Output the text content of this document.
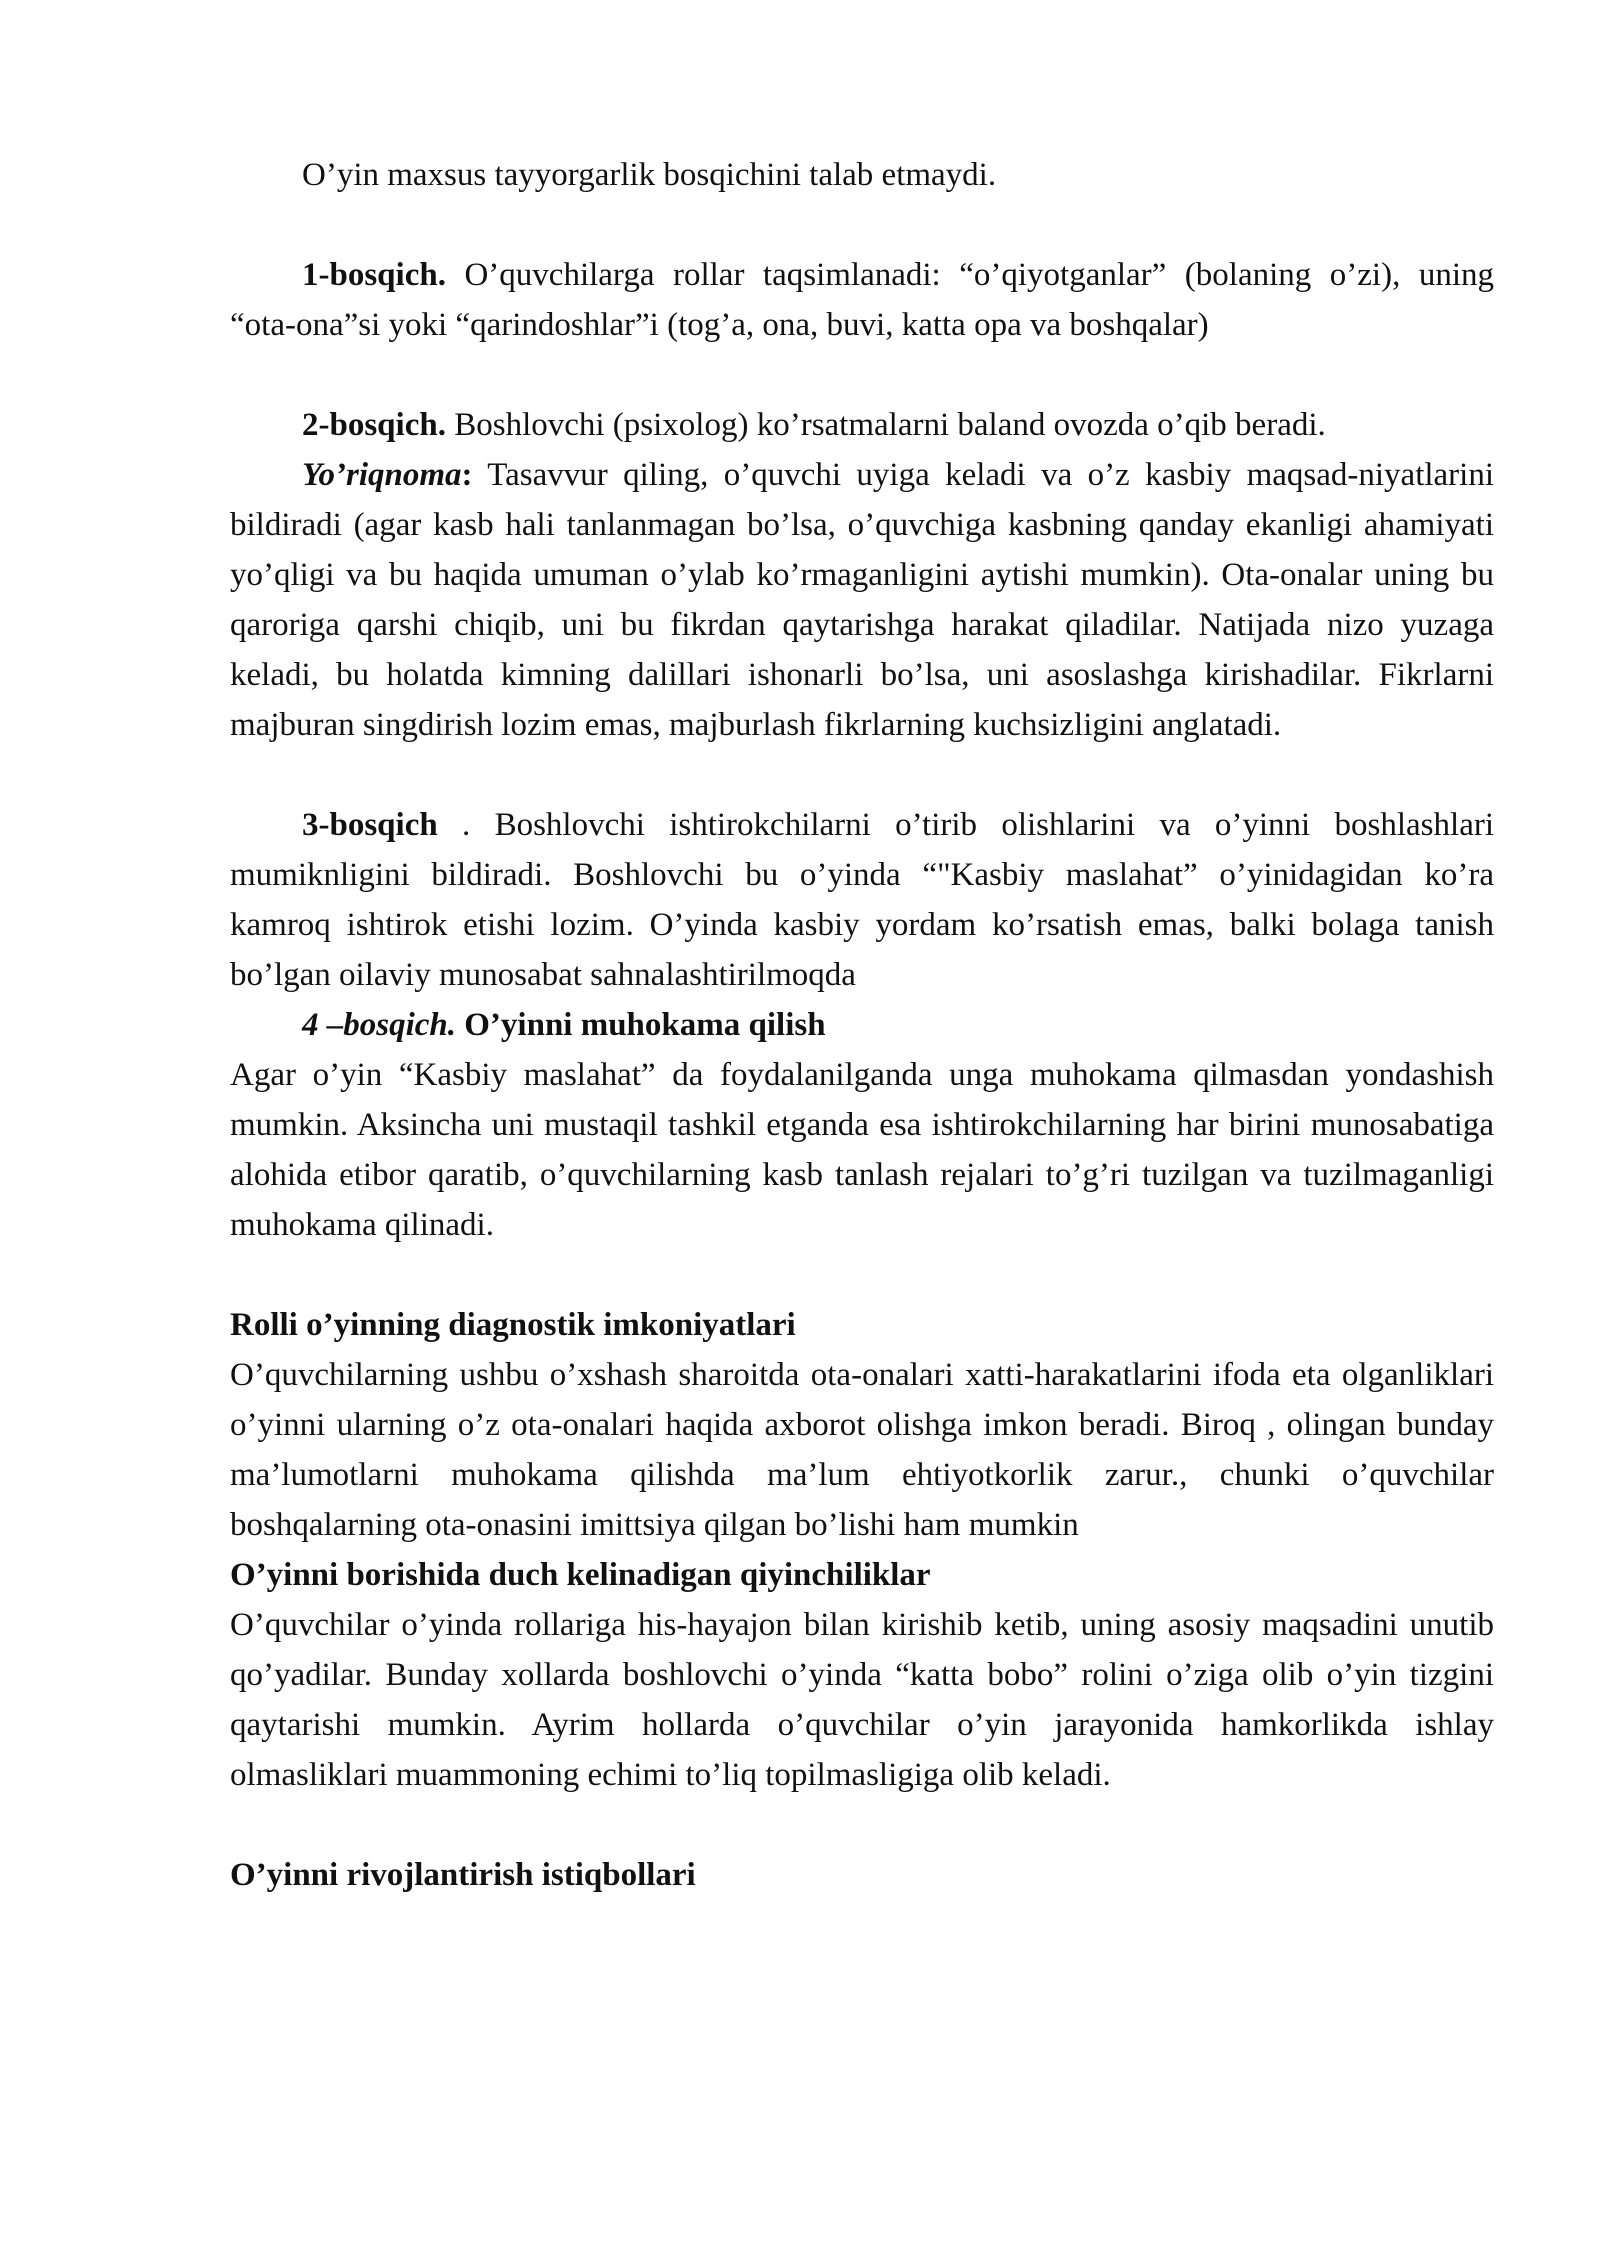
O’yin maxsus tayyorgarlik bosqichini talab etmaydi.

1-bosqich. O’quvchilarga rollar taqsimlanadi: “o’qiyotganlar” (bolaning o’zi), uning “ota-ona”si yoki “qarindoshlar”i (tog’a, ona, buvi, katta opa va boshqalar)

2-bosqich. Boshlovchi (psixolog) ko’rsatmalarni baland ovozda o’qib beradi.

Yo’riqnoma: Tasavvur qiling, o’quvchi uyiga keladi va o’z kasbiy maqsad-niyatlarini bildiradi (agar kasb hali tanlanmagan bo’lsa, o’quvchiga kasbning qanday ekanligi ahamiyati yo’qligi va bu haqida umuman o’ylab ko’rmaganligini aytishi mumkin). Ota-onalar uning bu qaroriga qarshi chiqib, uni bu fikrdan qaytarishga harakat qiladilar. Natijada nizo yuzaga keladi, bu holatda kimning dalillari ishonarli bo’lsa, uni asoslashga kirishadilar. Fikrlarni majburan singdirish lozim emas, majburlash fikrlarning kuchsizligini anglatadi.

3-bosqich . Boshlovchi ishtirokchilarni o’tirib olishlarini va o’yinni boshlashlari mumiknligini bildiradi. Boshlovchi bu o’yinda “"Kasbiy maslahat” o’yinidagidan ko’ra kamroq ishtirok etishi lozim. O’yinda kasbiy yordam ko’rsatish emas, balki bolaga tanish bo’lgan oilaviy munosabat sahnalashtirilmoqda

4 –bosqich. O’yinni muhokama qilish

Agar o’yin “Kasbiy maslahat” da foydalanilganda unga muhokama qilmasdan yondashish mumkin. Aksincha uni mustaqil tashkil etganda esa ishtirokchilarning har birini munosabatiga alohida etibor qaratib, o’quvchilarning kasb tanlash rejalari to’g’ri tuzilgan va tuzilmaganligi muhokama qilinadi.

Rolli o’yinning diagnostik imkoniyatlari

O’quvchilarning ushbu o’xshash sharoitda ota-onalari xatti-harakatlarini ifoda eta olganliklari o’yinni ularning o’z ota-onalari haqida axborot olishga imkon beradi. Biroq , olingan bunday ma’lumotlarni muhokama qilishda ma’lum ehtiyotkorlik zarur., chunki o’quvchilar boshqalarning ota-onasini imittsiya qilgan bo’lishi ham mumkin

O’yinni borishida duch kelinadigan qiyinchiliklar

O’quvchilar o’yinda rollariga his-hayajon bilan kirishib ketib, uning asosiy maqsadini unutib qo’yadilar. Bunday xollarda boshlovchi o’yinda “katta bobo” rolini o’ziga olib o’yin tizgini qaytarishi mumkin. Ayrim hollarda o’quvchilar o’yin jarayonida hamkorlikda ishlay olmasliklari muammoning echimi to’liq topilmasligiga olib keladi.

O’yinni rivojlantirish istiqbollari
